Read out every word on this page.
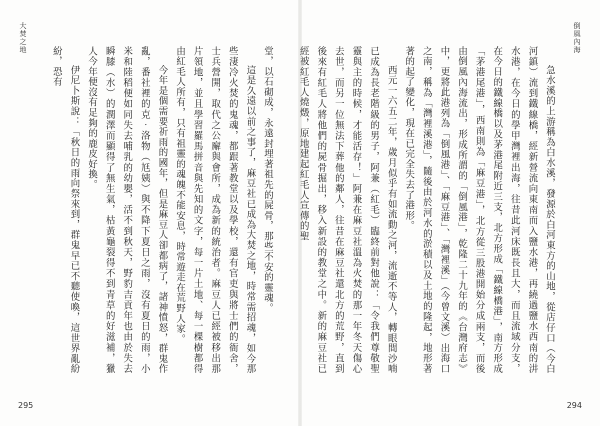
大焚之地

堂，以石砌成，永遠封埋著祖先的屍骨，那些不安的靈魂。

這是久遠以前之事了，麻豆社已成為大焚之地，時常需招魂，如今那些淒冷火焚的鬼魂，都跟著教堂以及學校，還有官吏與將士們的衙舍，士兵營開，取代之公廨與會所，成為新的統治者。麻豆人已經被移出那片領地，並且學習羅馬拼音與先知的文字，每一片土地、每一棵樹都得由紅毛人所有，只有祖靈的魂魄不能安息，時常遊走在荒野人家。

今年是個需要祈雨的國年，但是麻豆人卻都病了，諸神憤怒，群鬼作亂，番社裡的克‧洛物（尪姨）與不降下夏日之雨，沒有夏日的雨，小米和陸稻便如同失去哺乳的幼嬰，活不到秋天，野豹吉貢年也由於失去瞬膝（水）的潤澤而顯得了無生氣，枯黃龜裂得不到青草的好滋補，獵人今年便沒有足夠的鹿皮好換。

伊尼卜斯說：「秋日的雨向祭來到，群鬼早已不聽使喚，這世界亂紛紛，恐有

295
倒風內海

急水溪的上游稱為白水溪，發源於白河東方的山地，從店仔口（今白河鎮）流到鐵線橋，經新營流向東南而入鹽水港，再繞過鹽水西南的汫水港，在今日的學甲灣裡出海，往昔此河床既長且大，而且流域分支，在今日的鐵線橋以及茅港尾附近三支，北方形成「鐵線橋港」，南方形成「茅港尾港」，西南則為「麻豆港」，北方從三股港開始分成兩支，而後由倒風內海流出，形成所謂的「倒風港」，乾隆二十九年的《台灣府志》中，更將此港列為「倒風港」、「麻豆港」、「灣裡溪」（今曾文溪）出海口之南，稱為「灣裡溪港」，隨後由於河水的淤積以及土地的隆起，地形著著的起了變化，現在已完全失去了港形。

西元一六五二年，歲月似乎有如流動之河，流逝不等人，轉眼間沙喃已成為長老階級的男子，阿兼（紅毛）臨終前對他說：「令我們尊敬聖靈與主的時候，才能活存！」阿兼在麻豆社溫為火焚的那一年冬天傷心去世，而另一位無法下葬他的鄰人，往昔在麻豆社還北方的荒野，直到後來有紅毛人將他們的屍骨掘出，移入新設的教堂之中。新的麻豆社已經被紅毛人燒燬，原地建起紅毛人宣傳的聖

294
